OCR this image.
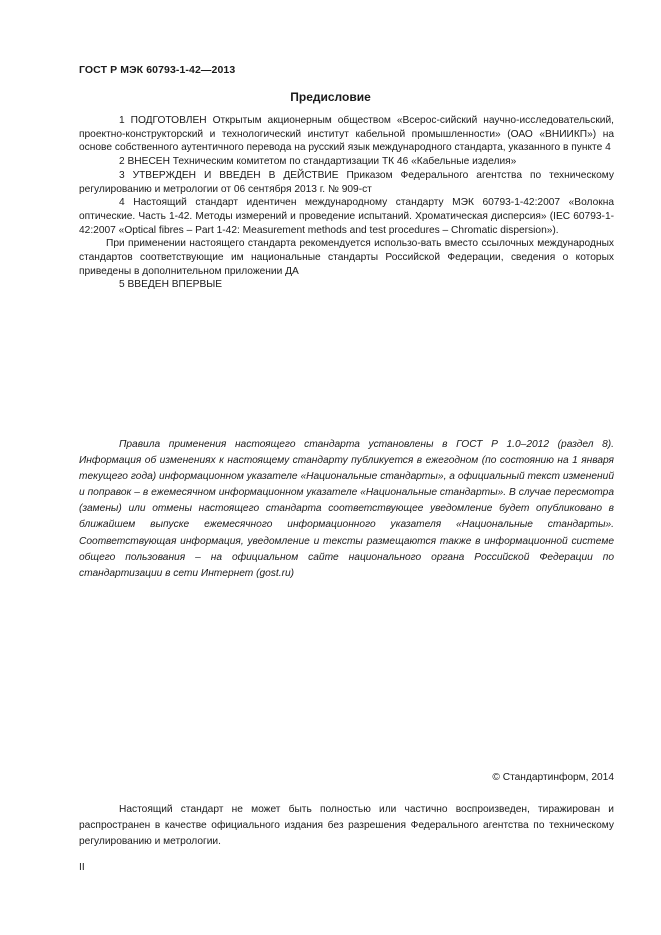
ГОСТ Р МЭК 60793-1-42—2013
Предисловие

1 ПОДГОТОВЛЕН Открытым акционерным обществом «Всерос-сийский научно-исследовательский, проектно-конструкторский и технологический институт кабельной промышленности» (ОАО «ВНИИКП») на основе собственного аутентичного перевода на русский язык международного стандарта, указанного в пункте 4

2 ВНЕСЕН Техническим комитетом по стандартизации ТК 46 «Кабельные изделия»

3 УТВЕРЖДЕН И ВВЕДЕН В ДЕЙСТВИЕ Приказом Федерального агентства по техническому регулированию и метрологии от 06 сентября 2013 г. № 909-ст

4 Настоящий стандарт идентичен международному стандарту МЭК 60793-1-42:2007 «Волокна оптические. Часть 1-42. Методы измерений и проведение испытаний. Хроматическая дисперсия» (IEC 60793-1-42:2007 «Optical fibres – Part 1-42: Measurement methods and test procedures – Chromatic dispersion»).

При применении настоящего стандарта рекомендуется использо-вать вместо ссылочных международных стандартов соответствующие им национальные стандарты Российской Федерации, сведения о которых приведены в дополнительном приложении ДА

5 ВВЕДЕН ВПЕРВЫЕ

Правила применения настоящего стандарта установлены в ГОСТ Р 1.0–2012 (раздел 8). Информация об изменениях к настоящему стандарту публикуется в ежегодном (по состоянию на 1 января текущего года) информационном указателе «Национальные стандарты», а официальный текст изменений и поправок – в ежемесячном информационном указателе «Национальные стандарты». В случае пересмотра (замены) или отмены настоящего стандарта соответствующее уведомление будет опубликовано в ближайшем выпуске ежемесячного информационного указателя «Национальные стандарты». Соответствующая информация, уведомление и тексты размещаются также в информационной системе общего пользования – на официальном сайте национального органа Российской Федерации по стандартизации в сети Интернет (gost.ru)

© Стандартинформ, 2014

Настоящий стандарт не может быть полностью или частично воспроизведен, тиражирован и распространен в качестве официального издания без разрешения Федерального агентства по техническому регулированию и метрологии.

II
